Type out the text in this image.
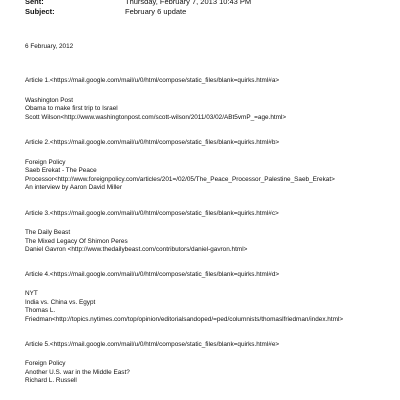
Sent:	Thursday, February 7, 2013 10:43 PM
Subject:	February 6 update
6 February, 2012
Article 1.<https://mail.google.com/mail/u/0/html/compose/static_files/blank=quirks.html#a>
Washington Post
Obama to make first trip to Israel
Scott Wilson<http://www.washingtonpost.com/scott-wilson/2011/03/02/ABt5vmP_=age.html>
Article 2.<https://mail.google.com/mail/u/0/html/compose/static_files/blank=quirks.html#b>
Foreign Policy
Saeb Erekat - The Peace
Processor<http://www.foreignpolicy.com/articles/201=/02/05/The_Peace_Processor_Palestine_Saeb_Erekat>
An interview by Aaron David Miller
Article 3.<https://mail.google.com/mail/u/0/html/compose/static_files/blank=quirks.html#c>
The Daily Beast
The Mixed Legacy Of Shimon Peres
Daniel Gavron <http://www.thedailybeast.com/contributors/daniel-gavron.html>
Article 4.<https://mail.google.com/mail/u/0/html/compose/static_files/blank=quirks.html#d>
NYT
India vs. China vs. Egypt
Thomas L.
Friedman<http://topics.nytimes.com/top/opinion/editorialsandoped/=ped/columnists/thomaslfriedman/index.html>
Article 5.<https://mail.google.com/mail/u/0/html/compose/static_files/blank=quirks.html#e>
Foreign Policy
Another U.S. war in the Middle East?
Richard L. Russell
